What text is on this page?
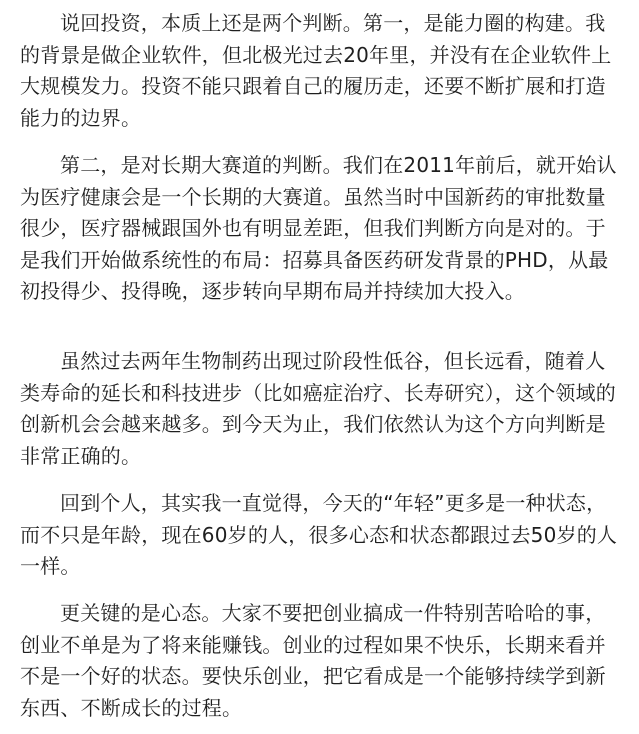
说回投资，本质上还是两个判断。第一，是能力圈的构建。我的背景是做企业软件，但北极光过去20年里，并没有在企业软件上大规模发力。投资不能只跟着自己的履历走，还要不断扩展和打造能力的边界。

第二，是对长期大赛道的判断。我们在2011年前后，就开始认为医疗健康会是一个长期的大赛道。虽然当时中国新药的审批数量很少，医疗器械跟国外也有明显差距，但我们判断方向是对的。于是我们开始做系统性的布局：招募具备医药研发背景的PHD，从最初投得少、投得晚，逐步转向早期布局并持续加大投入。

虽然过去两年生物制药出现过阶段性低谷，但长远看，随着人类寿命的延长和科技进步（比如癌症治疗、长寿研究），这个领域的创新机会会越来越多。到今天为止，我们依然认为这个方向判断是非常正确的。

回到个人，其实我一直觉得，今天的“年轻”更多是一种状态，而不只是年龄，现在60岁的人，很多心态和状态都跟过去50岁的人一样。

更关键的是心态。大家不要把创业搞成一件特别苦哈哈的事，创业不单是为了将来能赚钱。创业的过程如果不快乐，长期来看并不是一个好的状态。要快乐创业，把它看成是一个能够持续学到新东西、不断成长的过程。
